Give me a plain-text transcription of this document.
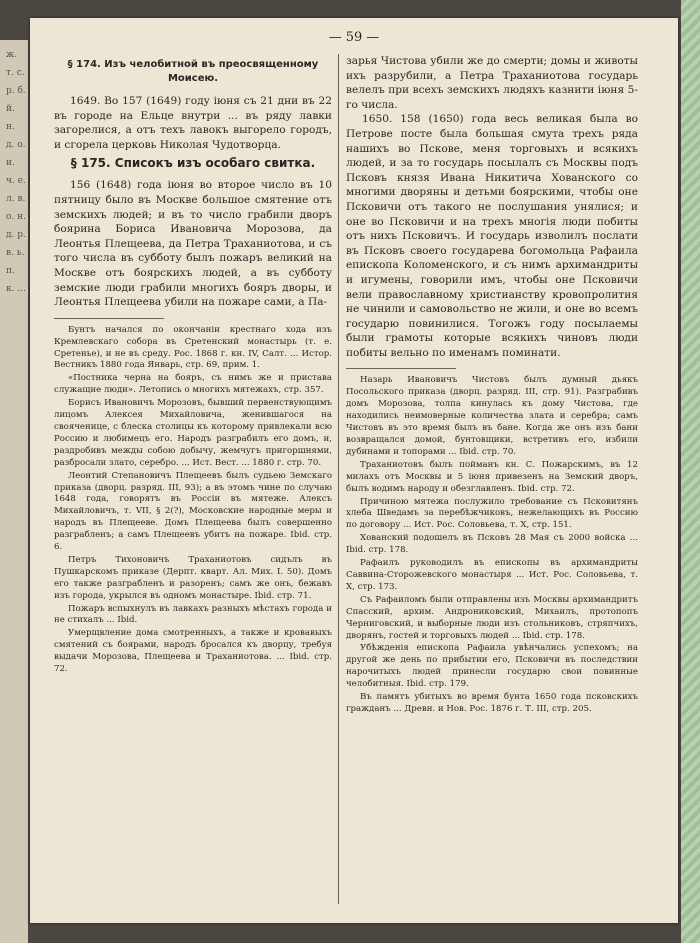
ж. т. с. р. б. й. н. д. о. и. ч. е. л. в. о. н. д. р. в. ь. п. к. ...
— 59 —
§ 174. Изъ челобитной въ преосвященному Моисею.

1649. Во 157 (1649) году iюня съ 21 дни въ 22 въ городе на Ельце внутри ... въ ряду лавки загорелися, а отъ техъ лавокъ выгорело городъ, и сгорела церковь Николая Чудотворца.

§ 175. Списокъ изъ особаго свитка.

156 (1648) года iюня во второе число въ 10 пятницу было въ Москве большое смятение отъ земскихъ людей; и въ то число грабили дворъ боярина Бориса Ивановича Морозова, да Леонтья Плещеева, да Петра Траханиотова, и съ того числа въ субботу былъ пожаръ великий на Москве отъ боярскихъ людей, а въ субботу земские люди грабили многихъ бояръ дворы, и Леонтья Плещеева убили на пожаре сами, а Па-

Бунтъ начался по окончанiи крестнаго хода изъ Кремлевскаго собора въ Сретенский монастырь (т. е. Сретенье), и не въ среду. Рос. 1868 г. кн. IV, Салт. ... Истор. Вестникъ 1880 года Январь, стр. 69, прим. 1.

«Постника черна на бояръ, съ нимъ же и пристава служащие люди». Летопись о многихъ мятежахъ, стр. 357.

Борисъ Ивановичъ Морозовъ, бывший первенствующимъ лицомъ Алексея Михайловича, женившагося на свояченице, с блеска столицы къ которому привлекали всю Россию и любимецъ его. Народъ разграбилъ его домъ, и, раздробивъ межды собою добычу, жемчугъ пригоршнями, разбросали злато, серебро. ... Ист. Вест. ... 1880 г. стр. 70.

Леонтий Степановичъ Плещеевъ былъ судьею Земскаго приказа (дворц. разряд. III, 93); а въ этомъ чине по случаю 1648 года, говорятъ въ Россiи въ мятеже. Алексъ Михайловичъ, т. VII, § 2(?), Московские народные меры и народъ въ Плещееве. Домъ Плещеева былъ совершенно разграбленъ; а самъ Плещеевъ убитъ на пожаре. Ibid. стр. 6.

Петръ Тихоновичъ Траханиотовъ сидълъ въ Пушкарскомъ приказе (Дерпт. кварт. Ал. Мих. I. 50). Домъ его также разграбленъ и разоренъ; самъ же онъ, бежавъ изъ города, укрылся въ одномъ монастыре. Ibid. стр. 71.

Пожаръ вспыхнулъ въ лавкахъ разныхъ мѣстахъ города и не стихалъ ... Ibid.

Умерщвление дома смотренныхъ, а также и кровавыхъ смятений съ боярами, народъ бросался къ дворцу, требуя выдачи Морозова, Плещеева и Траханиотова. ... Ibid. стр. 72.

зарья Чистова убили же до смерти; домы и животы ихъ разрубили, а Петра Траханиотова государь велелъ при всехъ земскихъ людяхъ казнити iюня 5-го числа.

1650. 158 (1650) года весь великая была во Петрове посте была большая смута трехъ ряда нашихъ во Пскове, меня торговыхъ и всякихъ людей, и за то государь посылалъ съ Москвы подъ Псковъ князя Ивана Никитича Хованского со многими дворяны и детьми боярскими, чтобы оне Псковичи отъ такого не послушания унялися; и оне во Псковичи и на трехъ многiя люди побиты отъ нихъ Псковичъ. И государь изволилъ послати въ Псковъ своего государева богомольца Рафаила епископа Коломенского, и съ нимъ архимандриты и игумены, говорили имъ, чтобы оне Псковичи вели православному христианству кровопролития не чинили и самовольство не жили, и оне во всемъ государю повинилися. Тогожъ году посылаемы были грамоты которые всякихъ чиновъ люди побиты вельно по именамъ поминати.

Назарь Ивановичъ Чистовъ былъ думный дьякъ Посольского приказа (дворц. разряд. III, стр. 91). Разграбивъ домъ Морозова, толпа кинулась къ дому Чистова, где находились неимоверные количества злата и серебра; самъ Чистовъ въ это время былъ въ бане. Когда же онъ изъ бани возвращался домой, бунтовщики, встретивъ его, избили дубинами и топорами ... Ibid. стр. 70.

Траханиотовъ былъ пойманъ кн. С. Пожарскимъ, въ 12 милахъ отъ Москвы и 5 iюня привезенъ на Земский дворъ, былъ водимъ народу и обезглавленъ. Ibid. стр. 72.

Причиною мятежа послужило требование съ Псковитянъ хлеба Шведамъ за перебѣжчиковъ, нежелающихъ въ Россию по договору ... Ист. Рос. Соловьева, т. X, стр. 151.

Хованский подошелъ въ Псковъ 28 Мая съ 2000 войска ... Ibid. стр. 178.

Рафаилъ руководилъ въ епископы въ архимандриты Саввина-Сторожевского монастыря ... Ист. Рос. Соловьева, т. X, стр. 173.

Съ Рафаиломъ были отправлены изъ Москвы архимандритъ Спасский, архим. Андрониковский, Михаилъ, протопопъ Черниговский, и выборные люди изъ стольниковъ, стряпчихъ, дворянъ, гостей и торговыхъ людей ... Ibid. стр. 178.

Убѣжденiя епископа Рафаила увѣнчались успехомъ; на другой же день по прибытии его, Псковичи въ последствии нарочитыхъ людей принесли государю свои повинные челобитныя. Ibid. стр. 179.

Въ памятъ убитыхъ во время бунта 1650 года псковскихъ гражданъ ... Древн. и Нов. Рос. 1876 г. Т. III, стр. 205.
